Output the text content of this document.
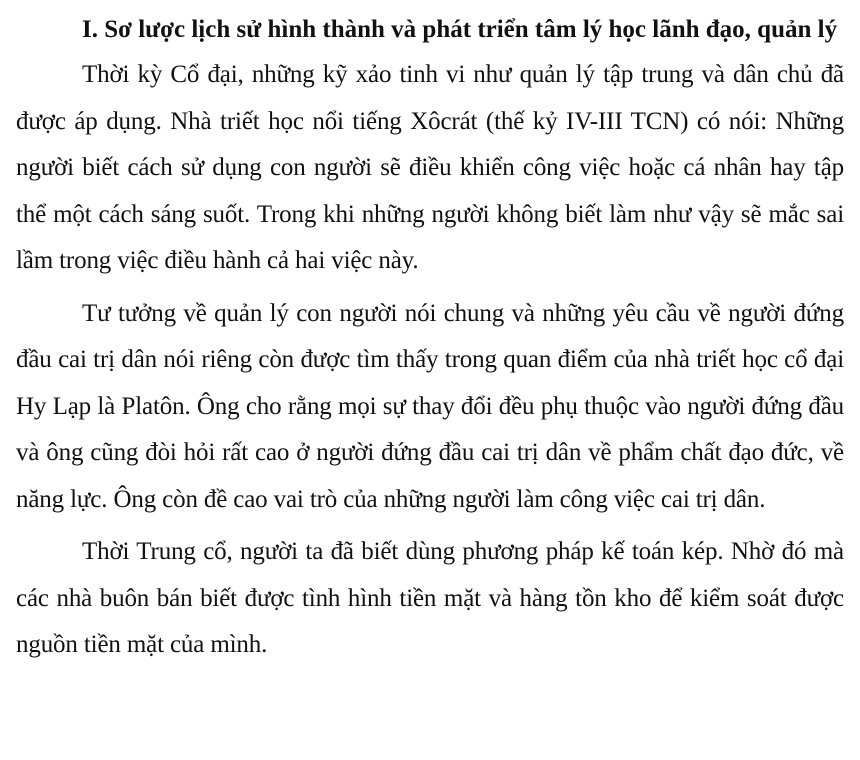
I. Sơ lược lịch sử hình thành và phát triển tâm lý học lãnh đạo, quản lý

Thời kỳ Cổ đại, những kỹ xảo tinh vi như quản lý tập trung và dân chủ đã được áp dụng. Nhà triết học nổi tiếng Xôcrát (thế kỷ IV-III TCN) có nói: Những người biết cách sử dụng con người sẽ điều khiển công việc hoặc cá nhân hay tập thể một cách sáng suốt. Trong khi những người không biết làm như vậy sẽ mắc sai lầm trong việc điều hành cả hai việc này.

Tư tưởng về quản lý con người nói chung và những yêu cầu về người đứng đầu cai trị dân nói riêng còn được tìm thấy trong quan điểm của nhà triết học cổ đại Hy Lạp là Platôn. Ông cho rằng mọi sự thay đổi đều phụ thuộc vào người đứng đầu và ông cũng đòi hỏi rất cao ở người đứng đầu cai trị dân về phẩm chất đạo đức, về năng lực. Ông còn đề cao vai trò của những người làm công việc cai trị dân.

Thời Trung cổ, người ta đã biết dùng phương pháp kế toán kép. Nhờ đó mà các nhà buôn bán biết được tình hình tiền mặt và hàng tồn kho để kiểm soát được nguồn tiền mặt của mình.
